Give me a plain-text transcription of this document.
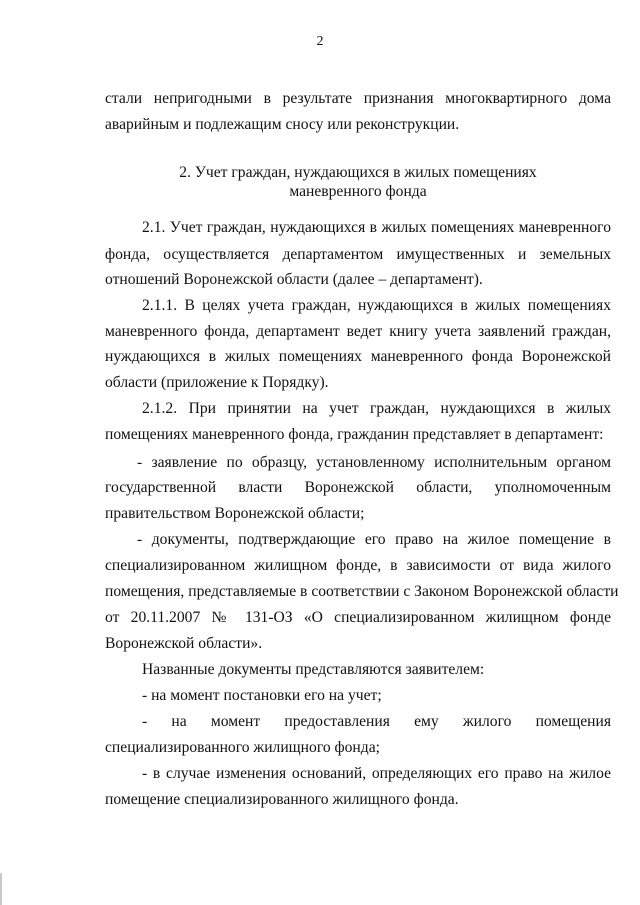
2
стали непригодными в результате признания многоквартирного дома
аварийным и подлежащим сносу или реконструкции.
2. Учет граждан, нуждающихся в жилых помещениях
маневренного фонда
2.1. Учет граждан, нуждающихся в жилых помещениях маневренного
фонда, осуществляется департаментом имущественных и земельных
отношений Воронежской области (далее – департамент).
2.1.1. В целях учета граждан, нуждающихся в жилых помещениях
маневренного фонда, департамент ведет книгу учета заявлений граждан,
нуждающихся в жилых помещениях маневренного фонда Воронежской
области (приложение к Порядку).
2.1.2. При принятии на учет граждан, нуждающихся в жилых
помещениях маневренного фонда, гражданин представляет в департамент:
- заявление по образцу, установленному исполнительным органом
государственной власти Воронежской области, уполномоченным
правительством Воронежской области;
- документы, подтверждающие его право на жилое помещение в
специализированном жилищном фонде, в зависимости от вида жилого
помещения, представляемые в соответствии с Законом Воронежской области
от 20.11.2007 № 131-ОЗ «О специализированном жилищном фонде
Воронежской области».
Названные документы представляются заявителем:
- на момент постановки его на учет;
- на момент предоставления ему жилого помещения
специализированного жилищного фонда;
- в случае изменения оснований, определяющих его право на жилое
помещение специализированного жилищного фонда.
